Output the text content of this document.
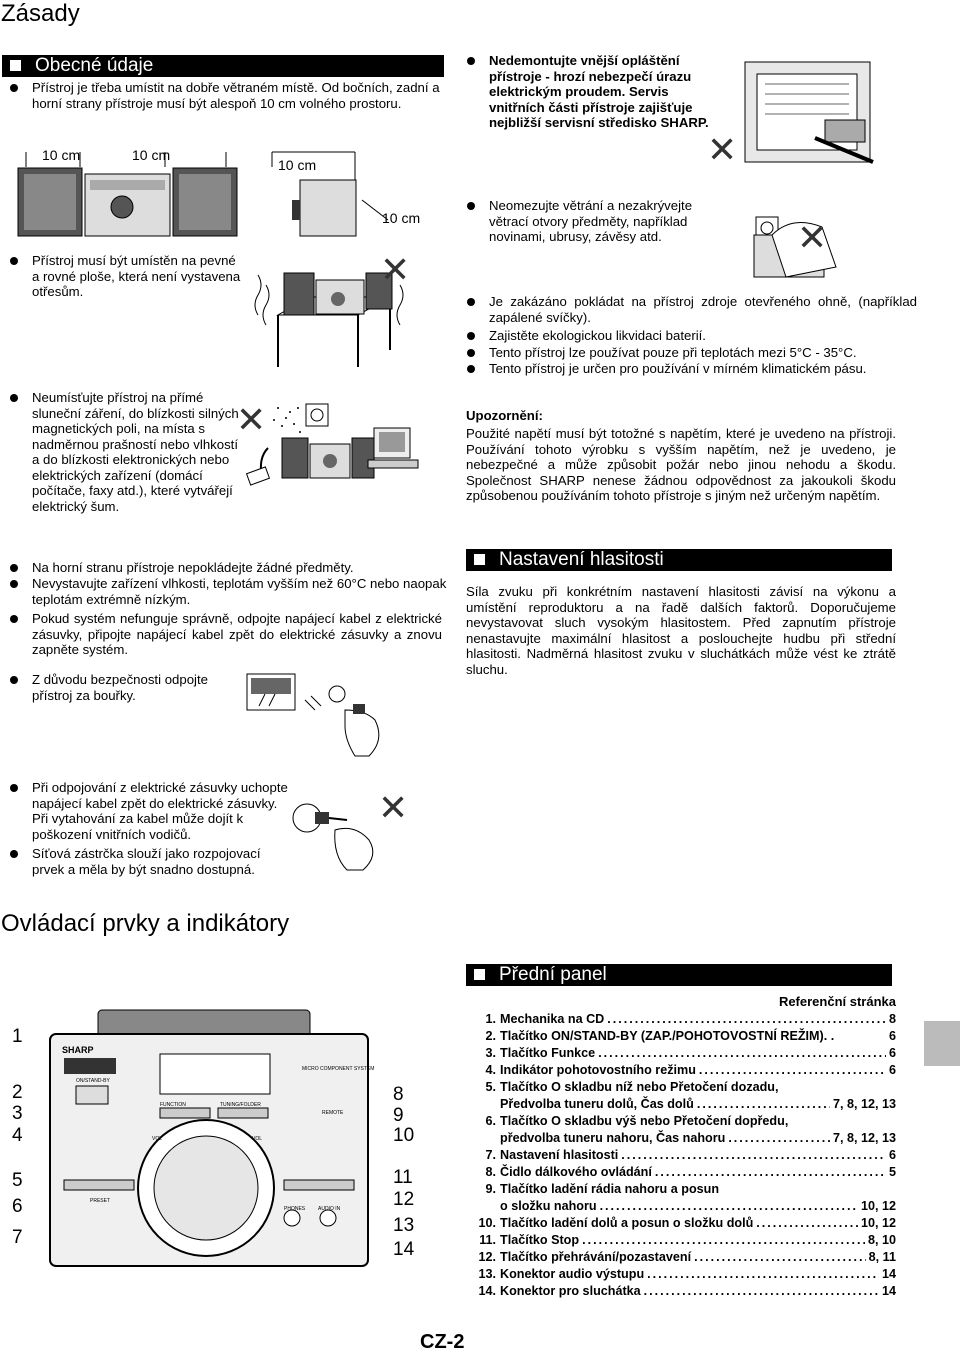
Zásady
Obecné údaje
Přístroj je třeba umístit na dobře větraném místě. Od bočních, zadní a horní strany přístroje musí být alespoň 10 cm volného prostoru.
10 cm	10 cm
10 cm
10 cm
Přístroj musí být umístěn na pevné a rovné ploše, která není vystavena otřesům.
✕
Neumísťujte přístroj na přímé sluneční záření, do blízkosti silných magnetických poli, na místa s nadměrnou prašností nebo vlhkostí a do blízkosti elektronických nebo elektrických zařízení (domácí počítače, faxy atd.), které vytvářejí elektrický šum.
✕
Na horní stranu přístroje nepokládejte žádné předměty.
Nevystavujte zařízení vlhkosti, teplotám vyšším než 60°C nebo naopak teplotám extrémně nízkým.
Pokud systém nefunguje správně, odpojte napájecí kabel z elektrické zásuvky, připojte napájecí kabel zpět do elektrické zásuvky a znovu zapněte systém.
Z důvodu bezpečnosti odpojte přístroj za bouřky.
Při odpojování z elektrické zásuvky uchopte napájecí kabel zpět do elektrické zásuvky. Při vytahování za kabel může dojít k poškození vnitřních vodičů.
Síťová zástrčka slouží jako rozpojovací prvek a měla by být snadno dostupná.
✕
Nedemontujte vnější opláštění přístroje - hrozí nebezpečí úrazu elektrickým proudem. Servis vnitřních části přístroje zajišťuje nejbližší servisní středisko SHARP.
✕
Neomezujte větrání a nezakrývejte větrací otvory předměty, například novinami, ubrusy, závěsy atd.	✕
Je zakázáno pokládat na přístroj zdroje otevřeného ohně, (například zapálené svíčky).
Zajistěte ekologickou likvidaci baterií.
Tento přístroj lze používat pouze při teplotách mezi 5°C - 35°C.
Tento přístroj je určen pro používání v mírném klimatickém pásu.
Upozornění:
Použité napětí musí být totožné s napětím, které je uvedeno na přístroji. Používání tohoto výrobku s vyšším napětím, než je uvedeno, je nebezpečné a může způsobit požár nebo jinou nehodu a škodu. Společnost SHARP nenese žádnou odpovědnost za jakoukoli škodu způsobenou používáním tohoto přístroje s jiným než určeným napětím.
Nastavení hlasitosti
Síla zvuku při konkrétním nastavení hlasitosti závisí na výkonu a umístění reproduktoru a na řadě dalších faktorů. Doporučujeme nevystavovat sluch vysokým hlasitostem. Před zapnutím přístroje nenastavujte maximální hlasitost a poslouchejte hudbu při střední hlasitosti. Nadměrná hlasitost zvuku v sluchátkách může vést ke ztrátě sluchu.
Ovládací prvky a indikátory
SHARP
ON/STAND-BY
FUNCTION	TUNING/FOLDER
REMOTE
VOL	VOL
PRESET
PHONES	AUDIO IN
MICRO COMPONENT SYSTEM
1
2
3
4
5
6
7
8
9
10
11
12
13
14
Přední panel
Referenční stránka
1. Mechanika na CD .....	8
2. Tlačítko ON/STAND-BY (ZAP./POHOTOVOSTNÍ REŽIM). .	6
3. Tlačítko Funkce .....	6
4. Indikátor pohotovostního režimu .....	6
5. Tlačítko O skladbu níž nebo Přetočení dozadu,
Předvolba tuneru dolů, Čas dolů .....	7, 8, 12, 13
6. Tlačítko O skladbu výš nebo Přetočení dopředu,
předvolba tuneru nahoru, Čas nahoru .....	7, 8, 12, 13
7. Nastavení hlasitosti .....	6
8. Čidlo dálkového ovládání .....	5
9. Tlačítko ladění rádia nahoru a posun
o složku nahoru .....	10, 12
10. Tlačítko ladění dolů a posun o složku dolů .....	10, 12
11. Tlačítko Stop .....	8, 10
12. Tlačítko přehrávání/pozastavení .....	8, 11
13. Konektor audio výstupu .....	14
14. Konektor pro sluchátka .....	14
CZ-2
